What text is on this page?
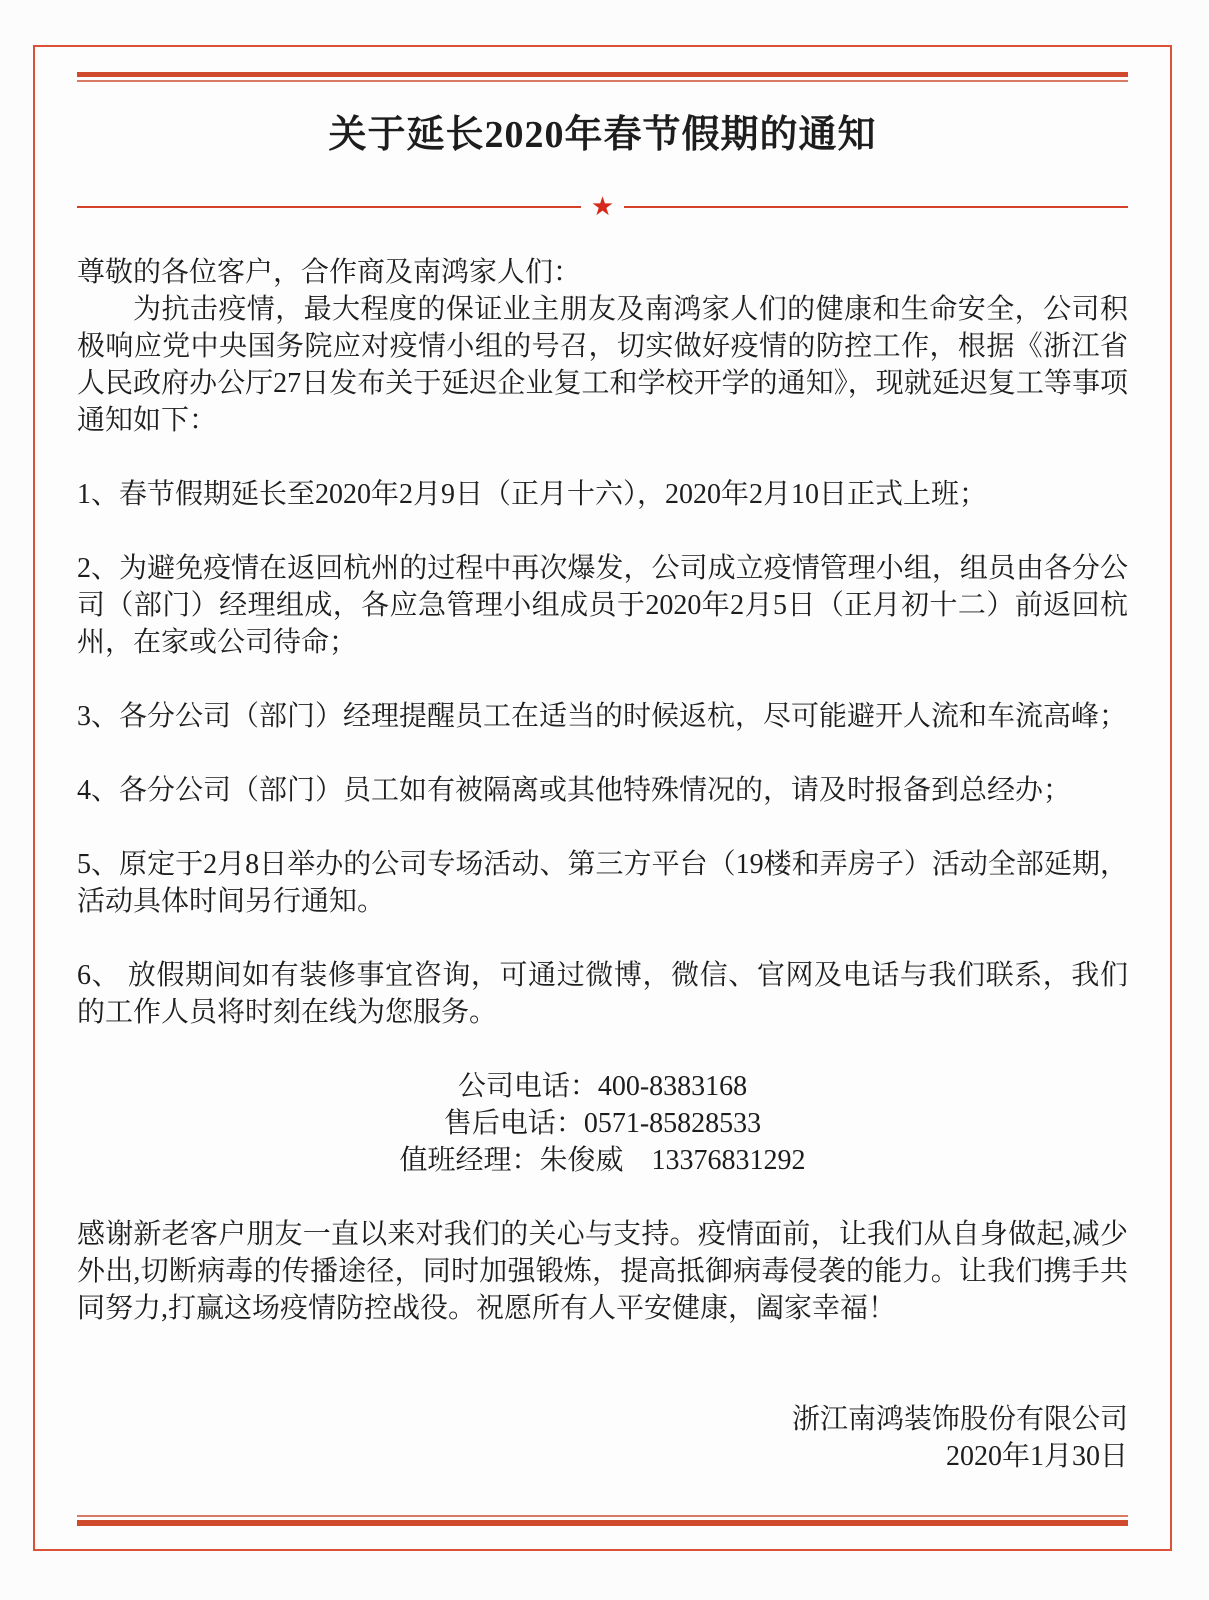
关于延长2020年春节假期的通知
★

尊敬的各位客户，合作商及南鸿家人们：

为抗击疫情，最大程度的保证业主朋友及南鸿家人们的健康和生命安全，公司积极响应党中央国务院应对疫情小组的号召，切实做好疫情的防控工作，根据《浙江省人民政府办公厅27日发布关于延迟企业复工和学校开学的通知》，现就延迟复工等事项通知如下：

1、春节假期延长至2020年2月9日（正月十六），2020年2月10日正式上班；

2、为避免疫情在返回杭州的过程中再次爆发，公司成立疫情管理小组，组员由各分公司（部门）经理组成，各应急管理小组成员于2020年2月5日（正月初十二）前返回杭州，在家或公司待命；

3、各分公司（部门）经理提醒员工在适当的时候返杭，尽可能避开人流和车流高峰；

4、各分公司（部门）员工如有被隔离或其他特殊情况的，请及时报备到总经办；

5、原定于2月8日举办的公司专场活动、第三方平台（19楼和弄房子）活动全部延期，活动具体时间另行通知。

6、 放假期间如有装修事宜咨询，可通过微博，微信、官网及电话与我们联系，我们的工作人员将时刻在线为您服务。

公司电话：400-8383168

售后电话：0571-85828533

值班经理：朱俊威　13376831292

感谢新老客户朋友一直以来对我们的关心与支持。疫情面前，让我们从自身做起,减少外出,切断病毒的传播途径，同时加强锻炼，提高抵御病毒侵袭的能力。让我们携手共同努力,打赢这场疫情防控战役。祝愿所有人平安健康，阖家幸福！

浙江南鸿装饰股份有限公司

2020年1月30日
